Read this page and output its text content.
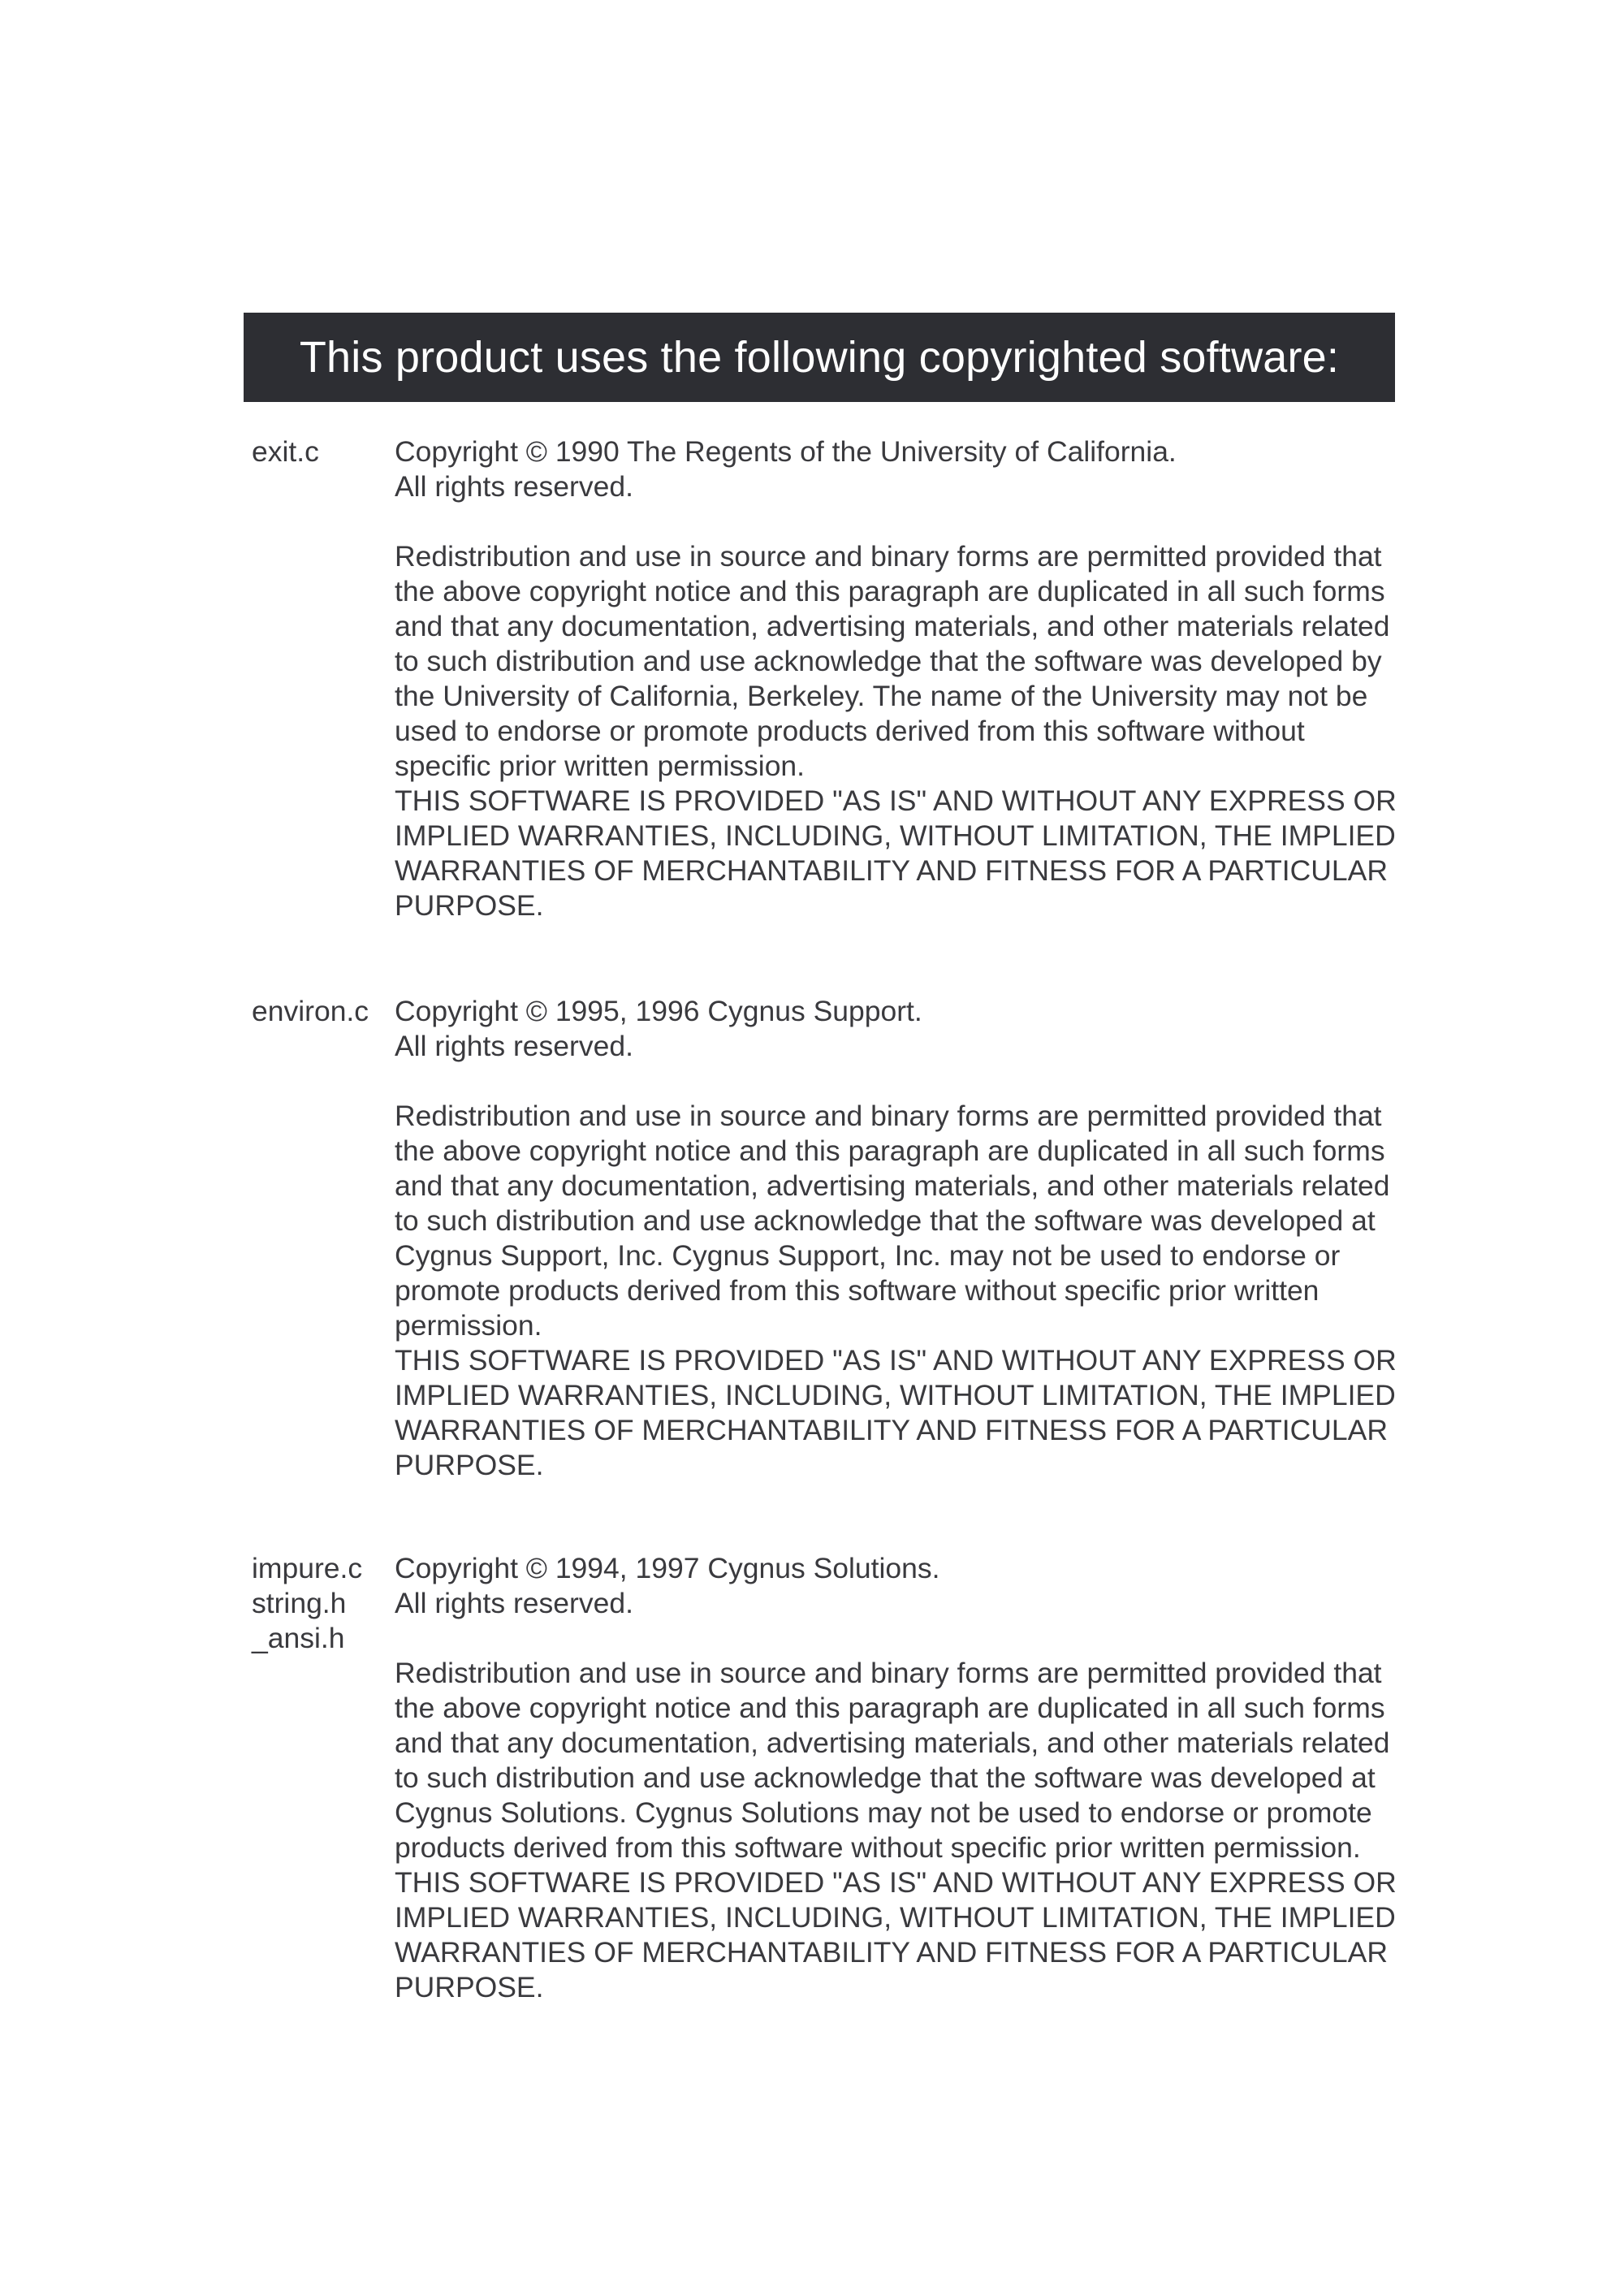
This product uses the following copyrighted software:
exit.c	Copyright © 1990 The Regents of the University of California.
All rights reserved.
Redistribution and use in source and binary forms are permitted provided that
the above copyright notice and this paragraph are duplicated in all such forms
and that any documentation, advertising materials, and other materials related
to such distribution and use acknowledge that the software was developed by
the University of California, Berkeley. The name of the University may not be
used to endorse or promote products derived from this software without
specific prior written permission.
THIS SOFTWARE IS PROVIDED "AS IS" AND WITHOUT ANY EXPRESS OR
IMPLIED WARRANTIES, INCLUDING, WITHOUT LIMITATION, THE IMPLIED
WARRANTIES OF MERCHANTABILITY AND FITNESS FOR A PARTICULAR
PURPOSE.
environ.c Copyright © 1995, 1996 Cygnus Support.
All rights reserved.
Redistribution and use in source and binary forms are permitted provided that
the above copyright notice and this paragraph are duplicated in all such forms
and that any documentation, advertising materials, and other materials related
to such distribution and use acknowledge that the software was developed at
Cygnus Support, Inc. Cygnus Support, Inc. may not be used to endorse or
promote products derived from this software without specific prior written
permission.
THIS SOFTWARE IS PROVIDED "AS IS" AND WITHOUT ANY EXPRESS OR
IMPLIED WARRANTIES, INCLUDING, WITHOUT LIMITATION, THE IMPLIED
WARRANTIES OF MERCHANTABILITY AND FITNESS FOR A PARTICULAR
PURPOSE.
impure.c
string.h
_ansi.h
Copyright © 1994, 1997 Cygnus Solutions.
All rights reserved.
Redistribution and use in source and binary forms are permitted provided that
the above copyright notice and this paragraph are duplicated in all such forms
and that any documentation, advertising materials, and other materials related
to such distribution and use acknowledge that the software was developed at
Cygnus Solutions. Cygnus Solutions may not be used to endorse or promote
products derived from this software without specific prior written permission.
THIS SOFTWARE IS PROVIDED "AS IS" AND WITHOUT ANY EXPRESS OR
IMPLIED WARRANTIES, INCLUDING, WITHOUT LIMITATION, THE IMPLIED
WARRANTIES OF MERCHANTABILITY AND FITNESS FOR A PARTICULAR
PURPOSE.
